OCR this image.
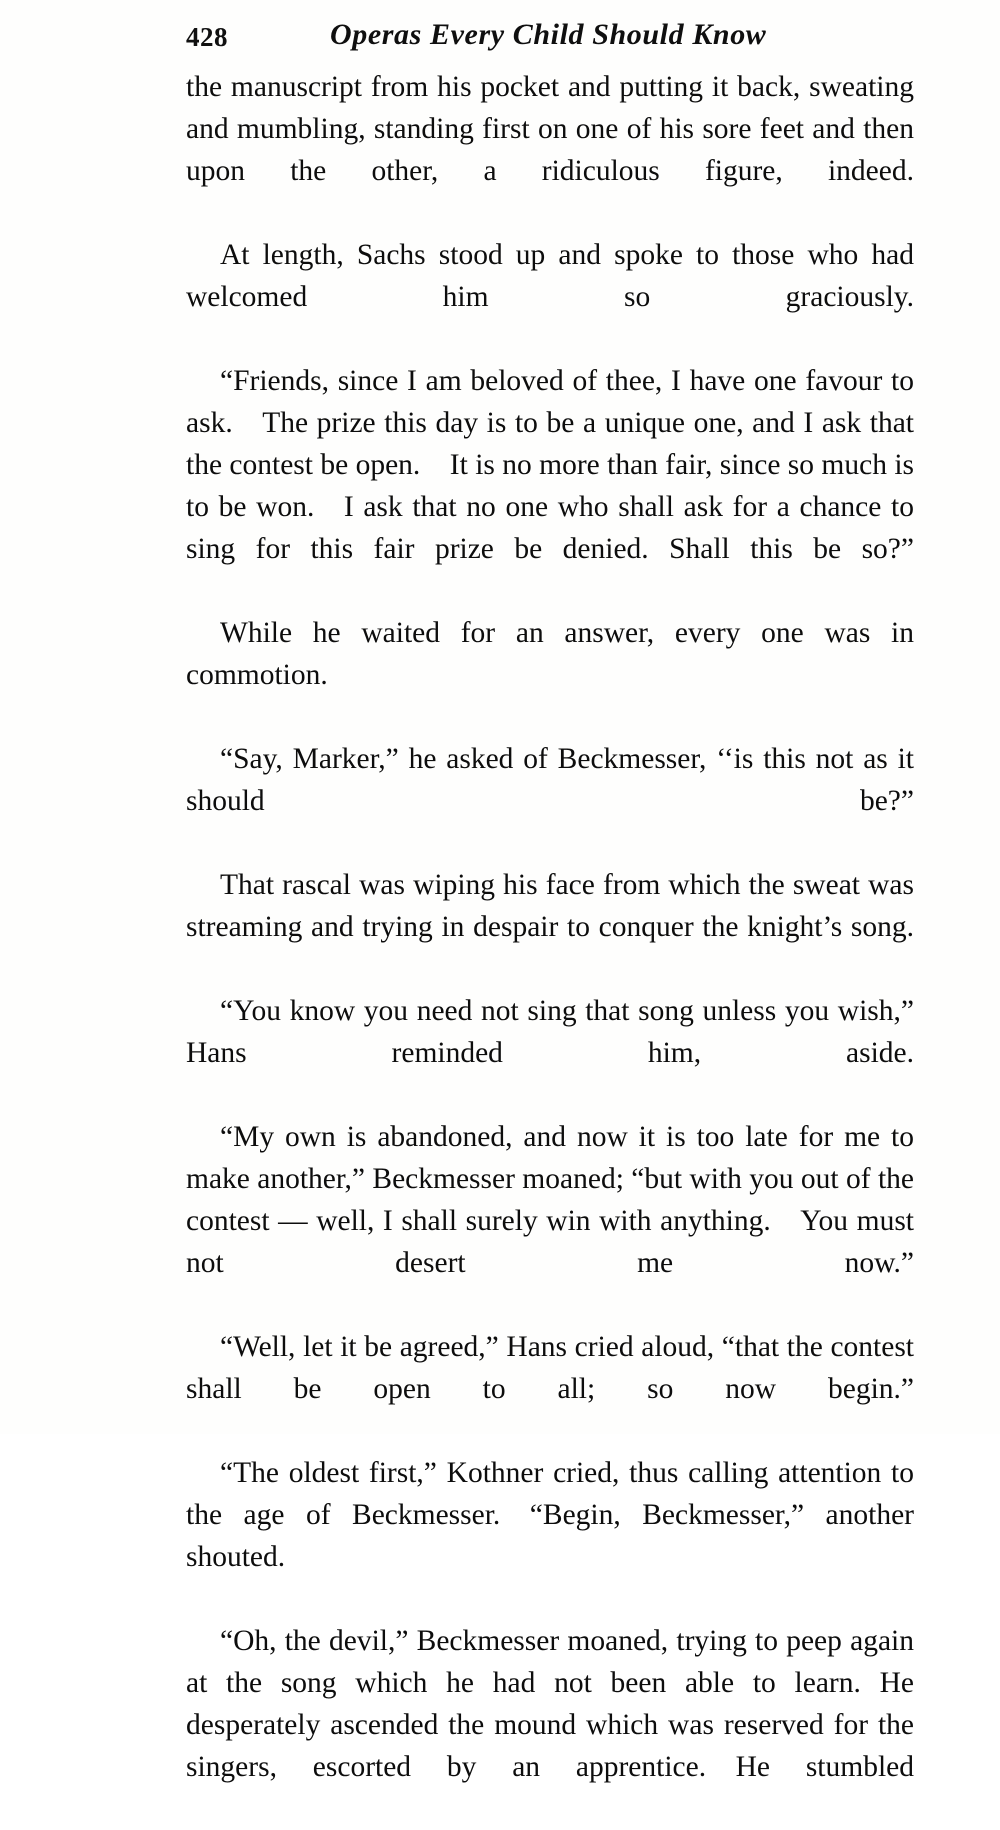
428	Operas Every Child Should Know

the manuscript from his pocket and putting it back, sweating and mumbling, standing first on one of his sore feet and then upon the other, a ridiculous figure, indeed.

At length, Sachs stood up and spoke to those who had welcomed him so graciously.

“Friends, since I am beloved of thee, I have one favour to ask. The prize this day is to be a unique one, and I ask that the contest be open. It is no more than fair, since so much is to be won. I ask that no one who shall ask for a chance to sing for this fair prize be denied. Shall this be so?”

While he waited for an answer, every one was in commotion.

“Say, Marker,” he asked of Beckmesser, ‘‘is this not as it should be?”

That rascal was wiping his face from which the sweat was streaming and trying in despair to conquer the knight’s song.

“You know you need not sing that song unless you wish,” Hans reminded him, aside.

“My own is abandoned, and now it is too late for me to make another,” Beckmesser moaned; “but with you out of the contest — well, I shall surely win with anything. You must not desert me now.”

“Well, let it be agreed,” Hans cried aloud, “that the contest shall be open to all; so now begin.”

“The oldest first,” Kothner cried, thus calling attention to the age of Beckmesser. “Begin, Beckmesser,” another shouted.

“Oh, the devil,” Beckmesser moaned, trying to peep again at the song which he had not been able to learn. He desperately ascended the mound which was reserved for the singers, escorted by an apprentice. He stumbled
